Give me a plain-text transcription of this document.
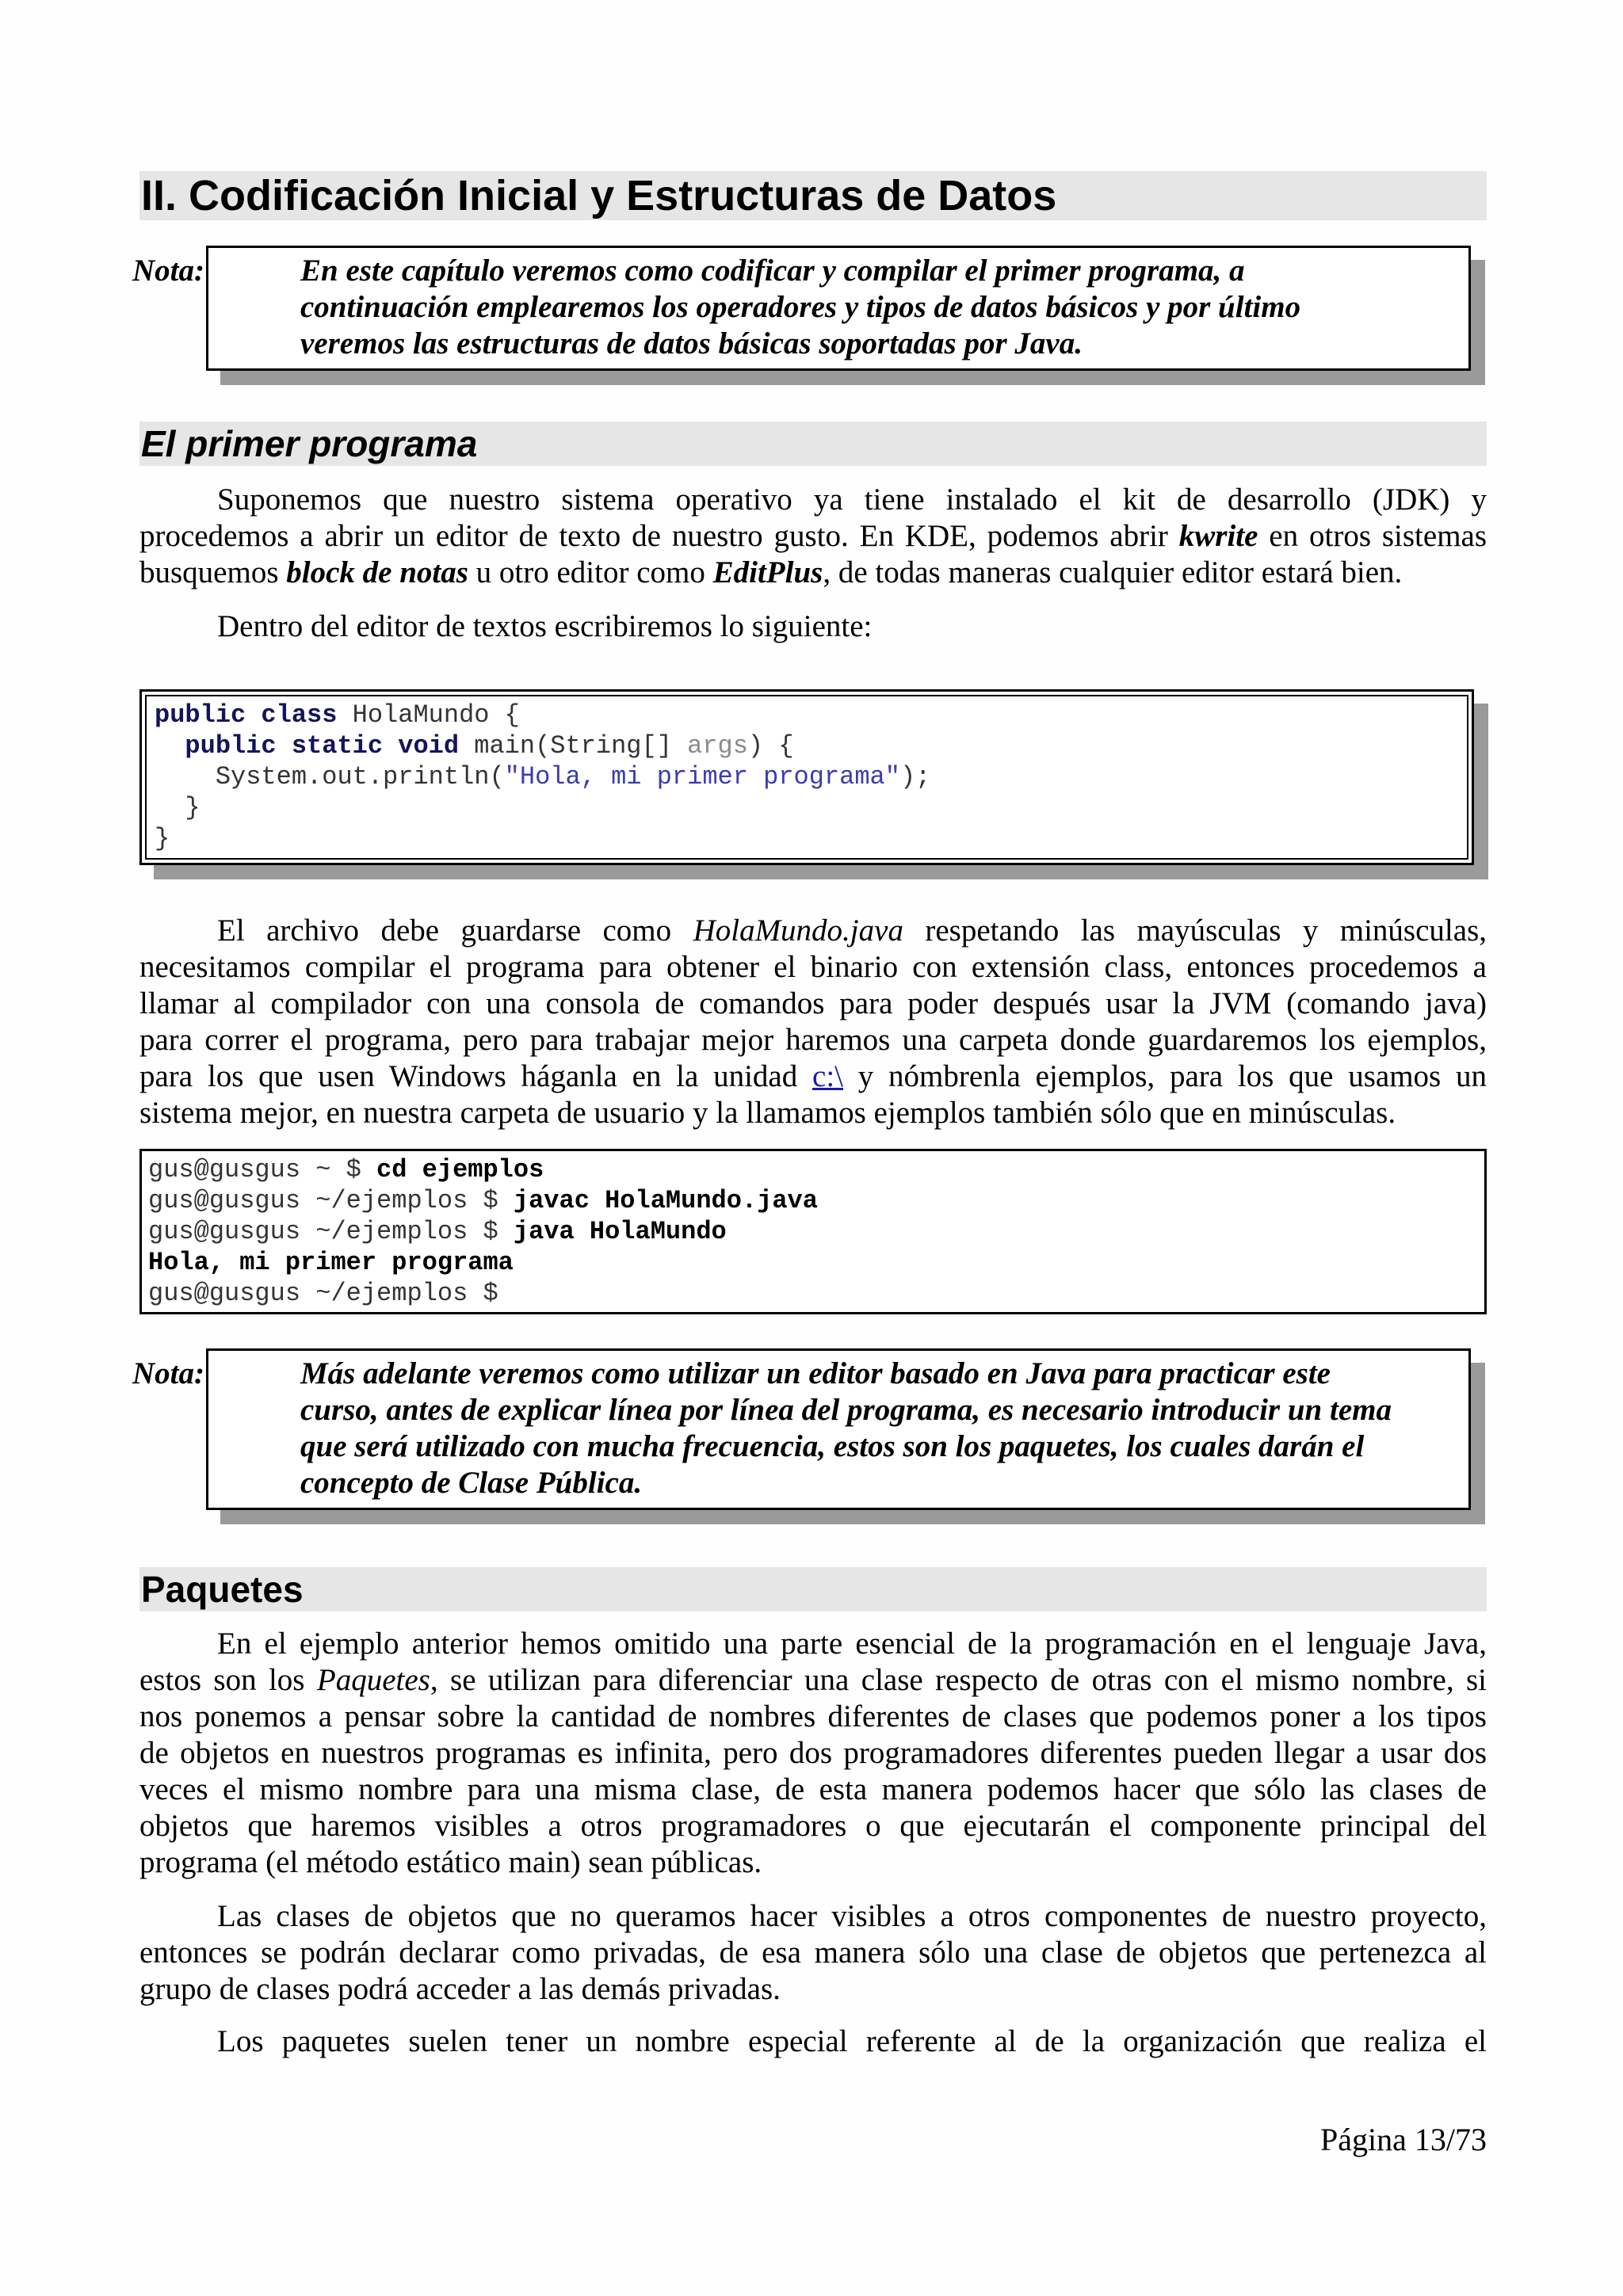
II. Codificación Inicial y Estructuras de Datos
Nota:	En este capítulo veremos como codificar y compilar el primer programa, a
continuación emplearemos los operadores y tipos de datos básicos y por último
veremos las estructuras de datos básicas soportadas por Java.
El primer programa
Suponemos que nuestro sistema operativo ya tiene instalado el kit de desarrollo (JDK) y
procedemos a abrir un editor de texto de nuestro gusto. En KDE, podemos abrir kwrite en otros sistemas
busquemos block de notas u otro editor como EditPlus, de todas maneras cualquier editor estará bien.
Dentro del editor de textos escribiremos lo siguiente:
public class HolaMundo {
public static void main(String[] args) {
System.out.println("Hola, mi primer programa");
}
}
El archivo debe guardarse como HolaMundo.java respetando las mayúsculas y minúsculas,
necesitamos compilar el programa para obtener el binario con extensión class, entonces procedemos a
llamar al compilador con una consola de comandos para poder después usar la JVM (comando java)
para correr el programa, pero para trabajar mejor haremos una carpeta donde guardaremos los ejemplos,
para los que usen Windows háganla en la unidad c:\ y nómbrenla ejemplos, para los que usamos un
sistema mejor, en nuestra carpeta de usuario y la llamamos ejemplos también sólo que en minúsculas.
gus@gusgus ~ $ cd ejemplos
gus@gusgus ~/ejemplos $ javac HolaMundo.java
gus@gusgus ~/ejemplos $ java HolaMundo
Hola, mi primer programa
gus@gusgus ~/ejemplos $
Nota:	Más adelante veremos como utilizar un editor basado en Java para practicar este
curso, antes de explicar línea por línea del programa, es necesario introducir un tema
que será utilizado con mucha frecuencia, estos son los paquetes, los cuales darán el
concepto de Clase Pública.
Paquetes
En el ejemplo anterior hemos omitido una parte esencial de la programación en el lenguaje Java,
estos son los Paquetes, se utilizan para diferenciar una clase respecto de otras con el mismo nombre, si
nos ponemos a pensar sobre la cantidad de nombres diferentes de clases que podemos poner a los tipos
de objetos en nuestros programas es infinita, pero dos programadores diferentes pueden llegar a usar dos
veces el mismo nombre para una misma clase, de esta manera podemos hacer que sólo las clases de
objetos que haremos visibles a otros programadores o que ejecutarán el componente principal del
programa (el método estático main) sean públicas.
Las clases de objetos que no queramos hacer visibles a otros componentes de nuestro proyecto,
entonces se podrán declarar como privadas, de esa manera sólo una clase de objetos que pertenezca al
grupo de clases podrá acceder a las demás privadas.
Los paquetes suelen tener un nombre especial referente al de la organización que realiza el
Página 13/73
